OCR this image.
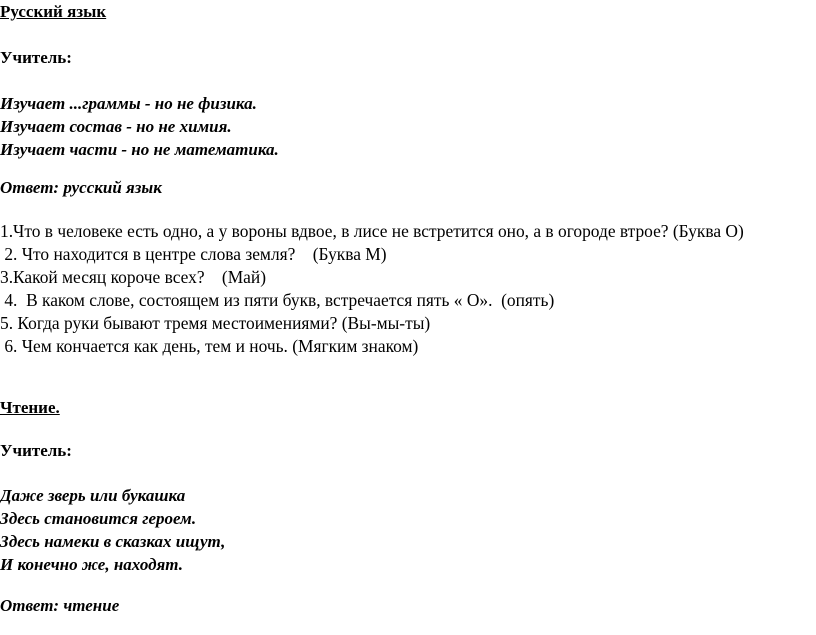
Русский язык
Учитель:
Изучает ...граммы - но не физика.
Изучает состав - но не химия.
Изучает части - но не математика.
Ответ: русский язык
1.Что в человеке есть одно, а у вороны вдвое, в лисе не встретится оно, а в огороде втрое? (Буква О)
2. Что находится в центре слова земля?    (Буква М)
3.Какой месяц короче всех?    (Май)
4.  В каком слове, состоящем из пяти букв, встречается пять « О».  (опять)
5. Когда руки бывают тремя местоимениями? (Вы-мы-ты)
6. Чем кончается как день, тем и ночь. (Мягким знаком)
Чтение.
Учитель:
Даже зверь или букашка
Здесь становится героем.
Здесь намеки в сказках ищут,
И конечно же, находят.
Ответ: чтение
